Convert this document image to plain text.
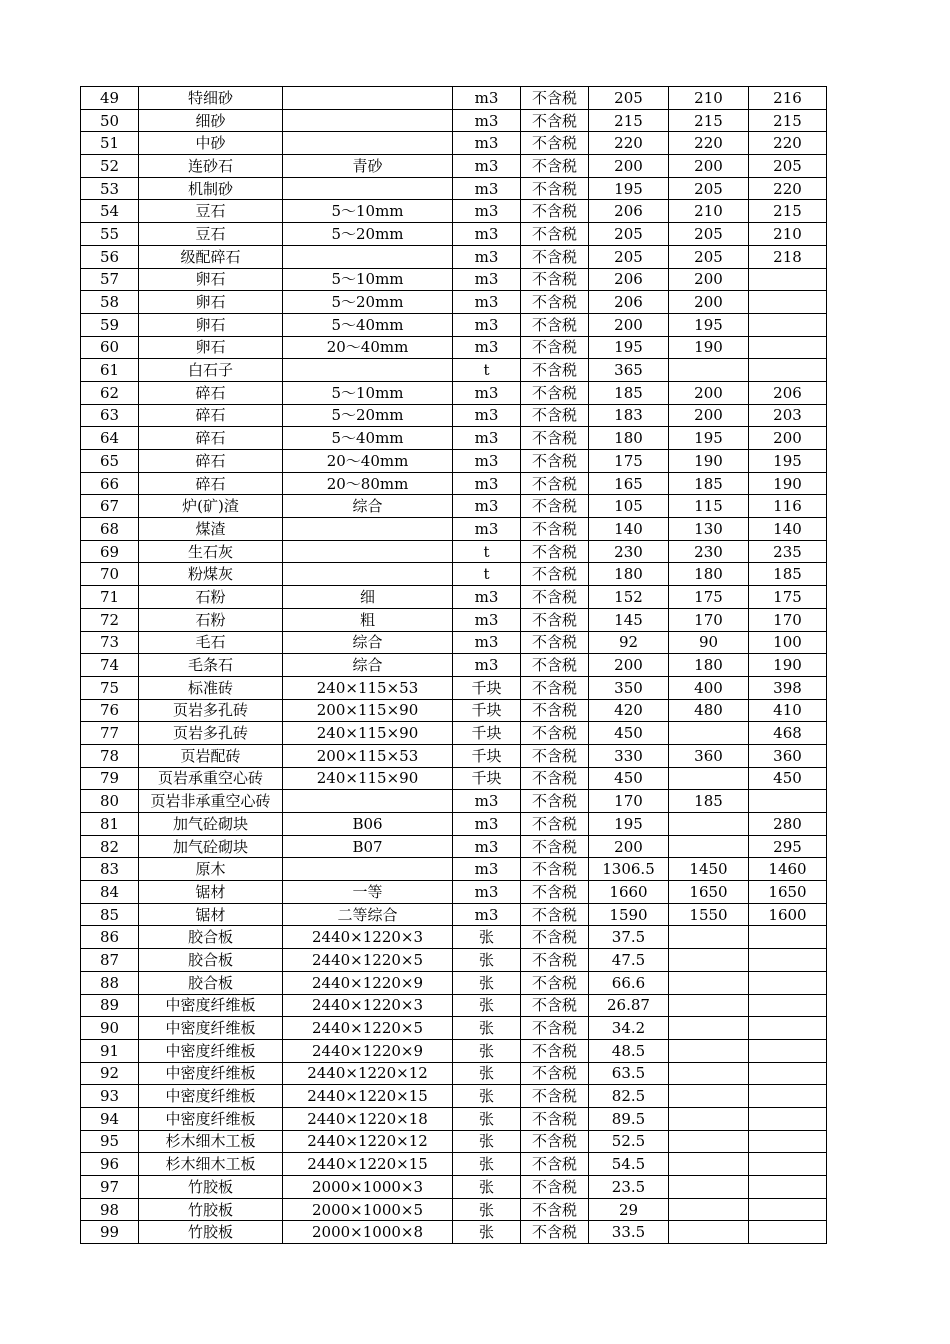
49	特细砂		m3	不含税	205	210	216
50	细砂		m3	不含税	215	215	215
51	中砂		m3	不含税	220	220	220
52	连砂石	青砂	m3	不含税	200	200	205
53	机制砂		m3	不含税	195	205	220
54	豆石	5～10mm	m3	不含税	206	210	215
55	豆石	5～20mm	m3	不含税	205	205	210
56	级配碎石		m3	不含税	205	205	218
57	卵石	5～10mm	m3	不含税	206	200	
58	卵石	5～20mm	m3	不含税	206	200	
59	卵石	5～40mm	m3	不含税	200	195	
60	卵石	20～40mm	m3	不含税	195	190	
61	白石子		t	不含税	365		
62	碎石	5～10mm	m3	不含税	185	200	206
63	碎石	5～20mm	m3	不含税	183	200	203
64	碎石	5～40mm	m3	不含税	180	195	200
65	碎石	20～40mm	m3	不含税	175	190	195
66	碎石	20～80mm	m3	不含税	165	185	190
67	炉(矿)渣	综合	m3	不含税	105	115	116
68	煤渣		m3	不含税	140	130	140
69	生石灰		t	不含税	230	230	235
70	粉煤灰		t	不含税	180	180	185
71	石粉	细	m3	不含税	152	175	175
72	石粉	粗	m3	不含税	145	170	170
73	毛石	综合	m3	不含税	92	90	100
74	毛条石	综合	m3	不含税	200	180	190
75	标准砖	240×115×53	千块	不含税	350	400	398
76	页岩多孔砖	200×115×90	千块	不含税	420	480	410
77	页岩多孔砖	240×115×90	千块	不含税	450		468
78	页岩配砖	200×115×53	千块	不含税	330	360	360
79	页岩承重空心砖	240×115×90	千块	不含税	450		450
80	页岩非承重空心砖		m3	不含税	170	185	
81	加气砼砌块	B06	m3	不含税	195		280
82	加气砼砌块	B07	m3	不含税	200		295
83	原木		m3	不含税	1306.5	1450	1460
84	锯材	一等	m3	不含税	1660	1650	1650
85	锯材	二等综合	m3	不含税	1590	1550	1600
86	胶合板	2440×1220×3	张	不含税	37.5		
87	胶合板	2440×1220×5	张	不含税	47.5		
88	胶合板	2440×1220×9	张	不含税	66.6		
89	中密度纤维板	2440×1220×3	张	不含税	26.87		
90	中密度纤维板	2440×1220×5	张	不含税	34.2		
91	中密度纤维板	2440×1220×9	张	不含税	48.5		
92	中密度纤维板	2440×1220×12	张	不含税	63.5		
93	中密度纤维板	2440×1220×15	张	不含税	82.5		
94	中密度纤维板	2440×1220×18	张	不含税	89.5		
95	杉木细木工板	2440×1220×12	张	不含税	52.5		
96	杉木细木工板	2440×1220×15	张	不含税	54.5		
97	竹胶板	2000×1000×3	张	不含税	23.5		
98	竹胶板	2000×1000×5	张	不含税	29		
99	竹胶板	2000×1000×8	张	不含税	33.5		
